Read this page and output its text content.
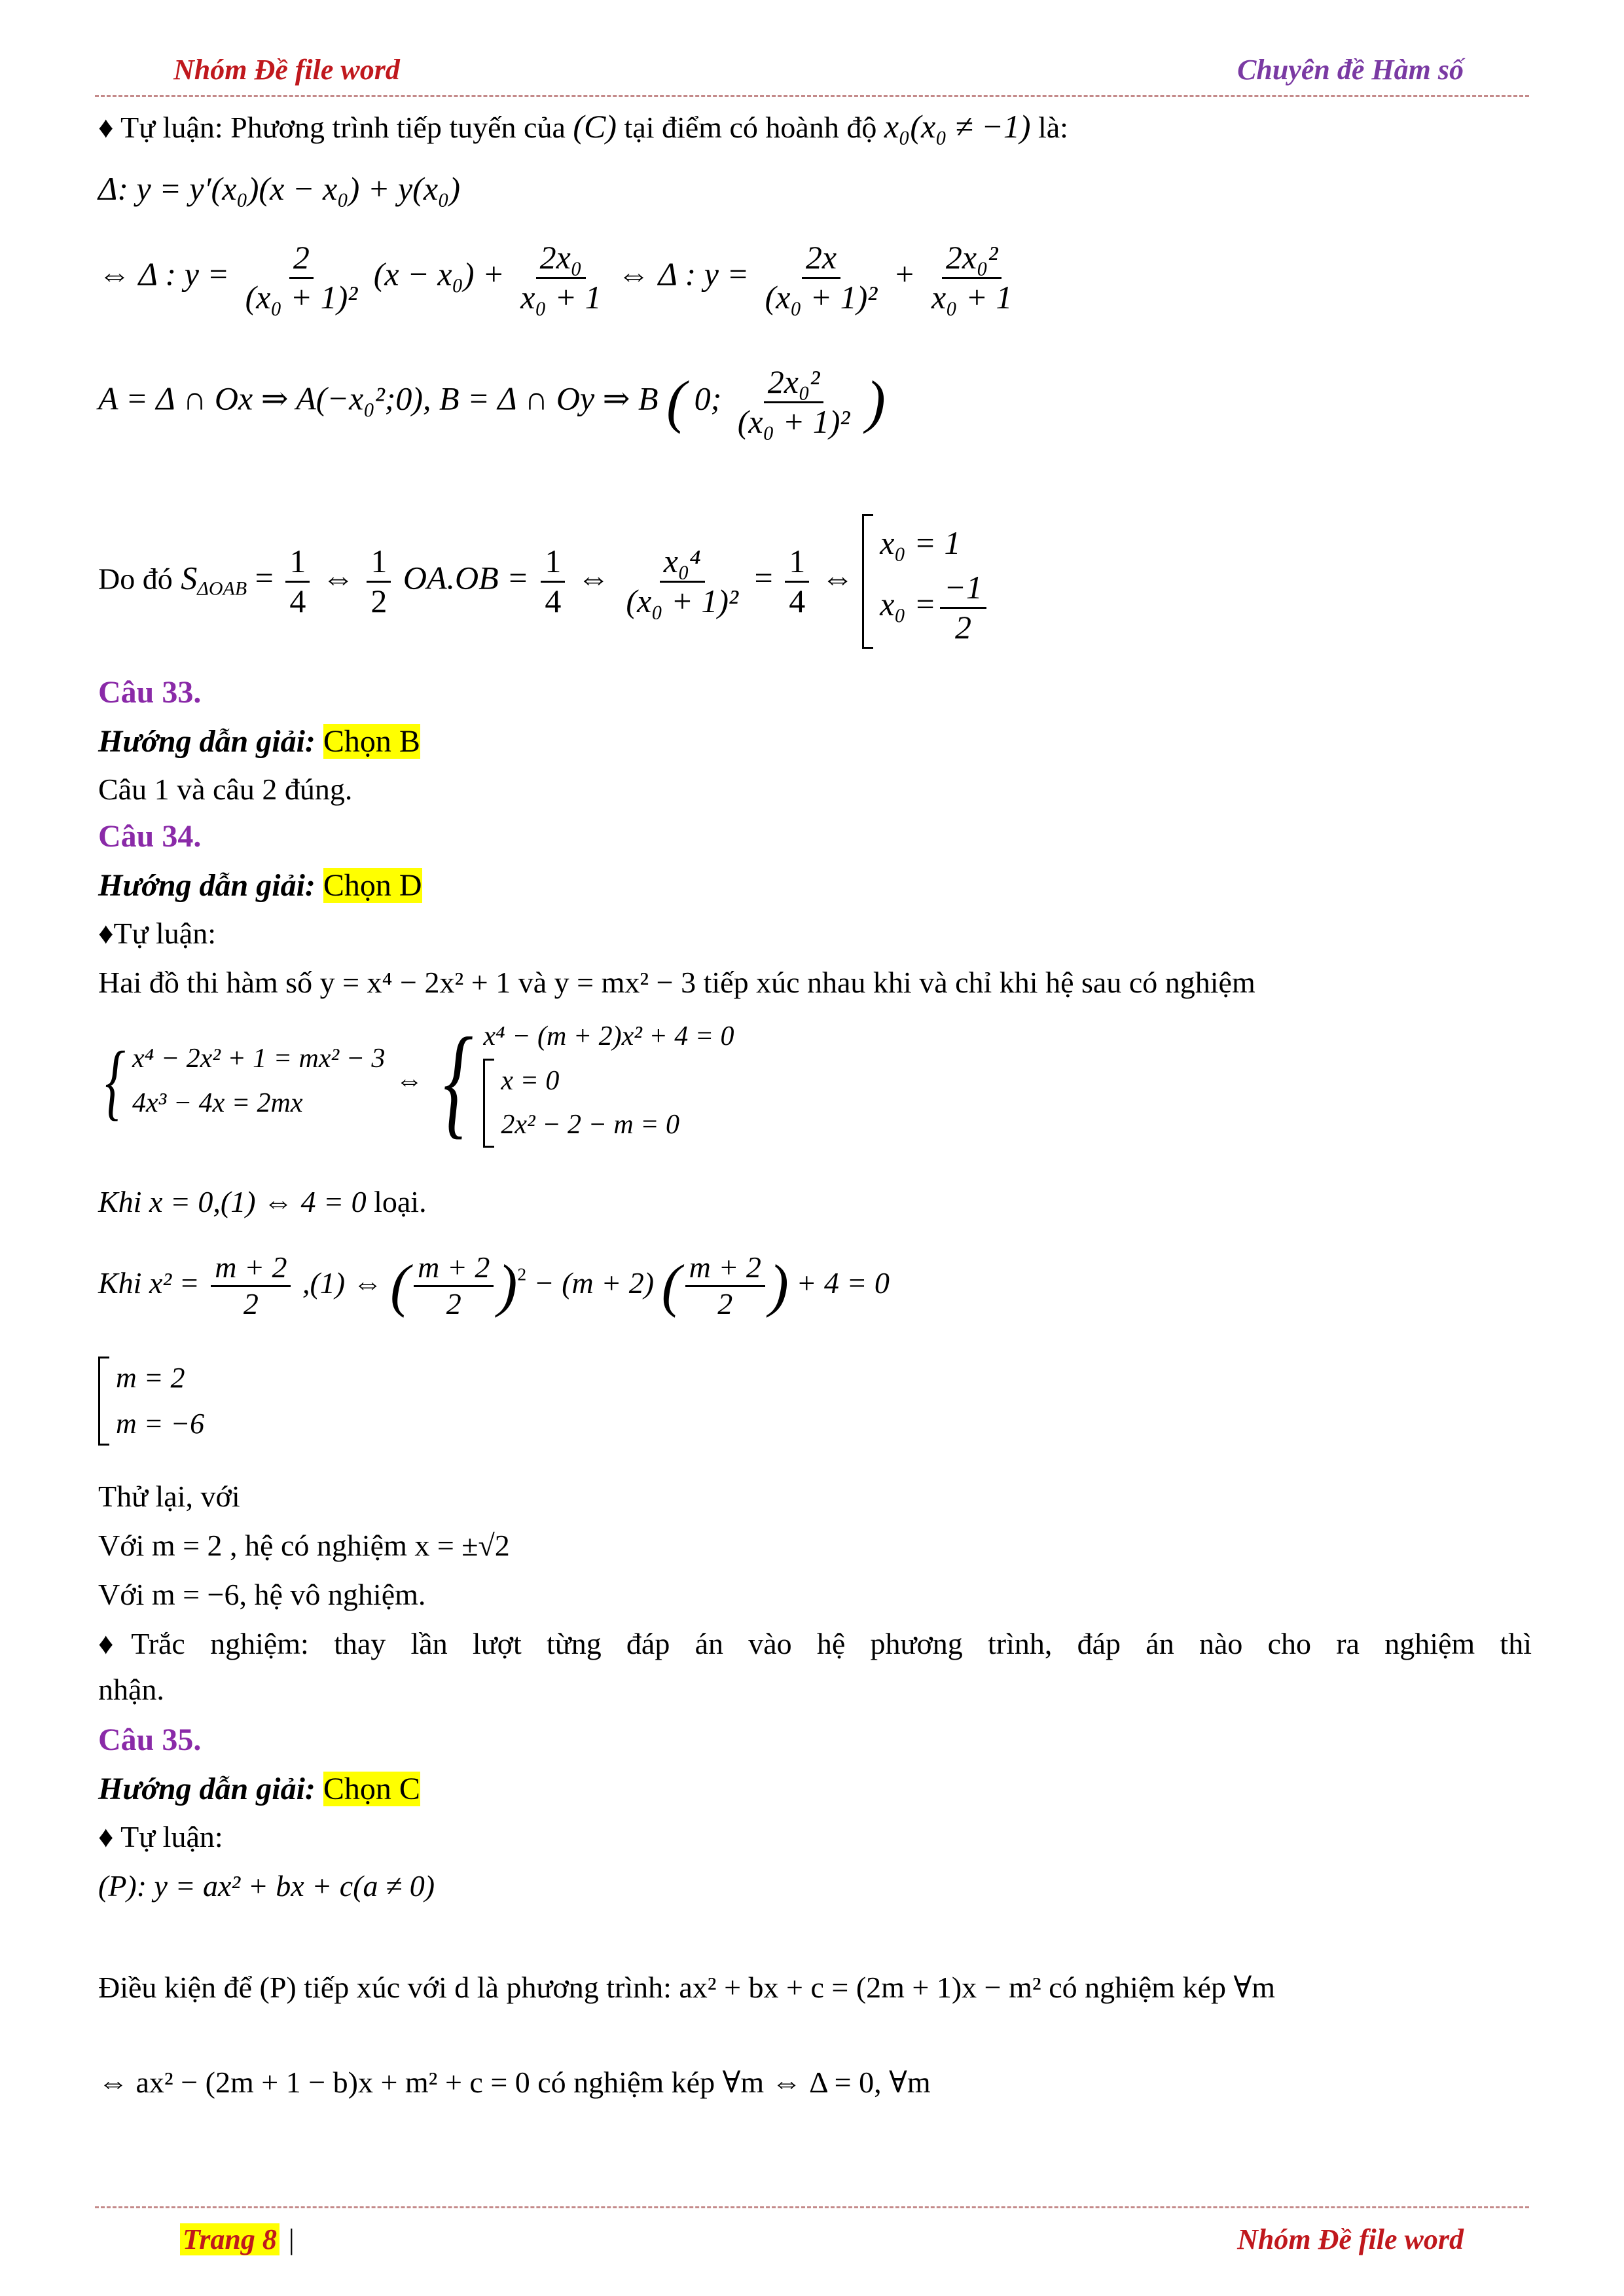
Nhóm Đề file word	Chuyên đề Hàm số
♦ Tự luận: Phương trình tiếp tuyến của (C) tại điểm có hoành độ x₀(x₀ ≠ −1) là:
Δ: y = y′(x₀)(x − x₀) + y(x₀)
⇔ Δ : $y = \frac{2}{\text{(x₀ + 1)²}} (x - x_0) + \frac{\text{2x₀}}{\text{x₀ + 1}}$ ⇔ Δ : $y = \frac{2x}{\text{(x₀ + 1)²}} + \frac{\text{2x₀²}}{\text{x₀ + 1}}$
A = Δ ∩ Ox ⇒ A(−x₀²;0), B = Δ ∩ Oy ⇒ B ( 0; $\frac{\text{2x₀²}}{\text{(x₀ + 1)²}}$ )
Do đó $S_{\Delta OAB} = \frac{1}{4}$ ⇔ $\frac{1}{2} OA.OB = \frac{1}{4}$ ⇔ $\frac{\text{x₀⁴}}{\text{(x₀ + 1)²}} = \frac{1}{4}$ ⇔
x₀ = 1
$x_0 = \frac{-1}{2}$
Câu 33.
Hướng dẫn giải: Chọn B
Câu 1 và câu 2 đúng.
Câu 34.
Hướng dẫn giải: Chọn D
♦Tự luận:
Hai đồ thi hàm số y = x⁴ − 2x² + 1 và y = mx² − 3 tiếp xúc nhau khi và chỉ khi hệ sau có nghiệm
{ x⁴ − 2x² + 1 = mx² − 3
4x³ − 4x = 2mx
⇔ { x⁴ − (m + 2)x² + 4 = 0
x = 0
2x² − 2 − m = 0
Khi x = 0,(1) ⇔ 4 = 0 loại.
Khi $x^2 = \frac{m + 2}{2} ,(1)$ ⇔ ( $\frac{m + 2}{2} )^2 - (m + 2)$ ( $\frac{m + 2}{2}$ ) + 4 = 0
m = 2
m = −6
Thử lại, với
Với m = 2 , hệ có nghiệm x = ±√2
Với m = −6, hệ vô nghiệm.
♦Trắc nghiệm: thay lần lượt từng đáp án vào hệ phương trình, đáp án nào cho ra nghiệm thì
nhận.
Câu 35.
Hướng dẫn giải: Chọn C
♦ Tự luận:
(P): y = ax² + bx + c(a ≠ 0)
Điều kiện để (P) tiếp xúc với d là phương trình: ax² + bx + c = (2m + 1)x − m² có nghiệm kép ∀m
⇔ ax² − (2m + 1 − b)x + m² + c = 0 có nghiệm kép ∀m ⇔ Δ = 0, ∀m
Trang 8 |	Nhóm Đề file word
